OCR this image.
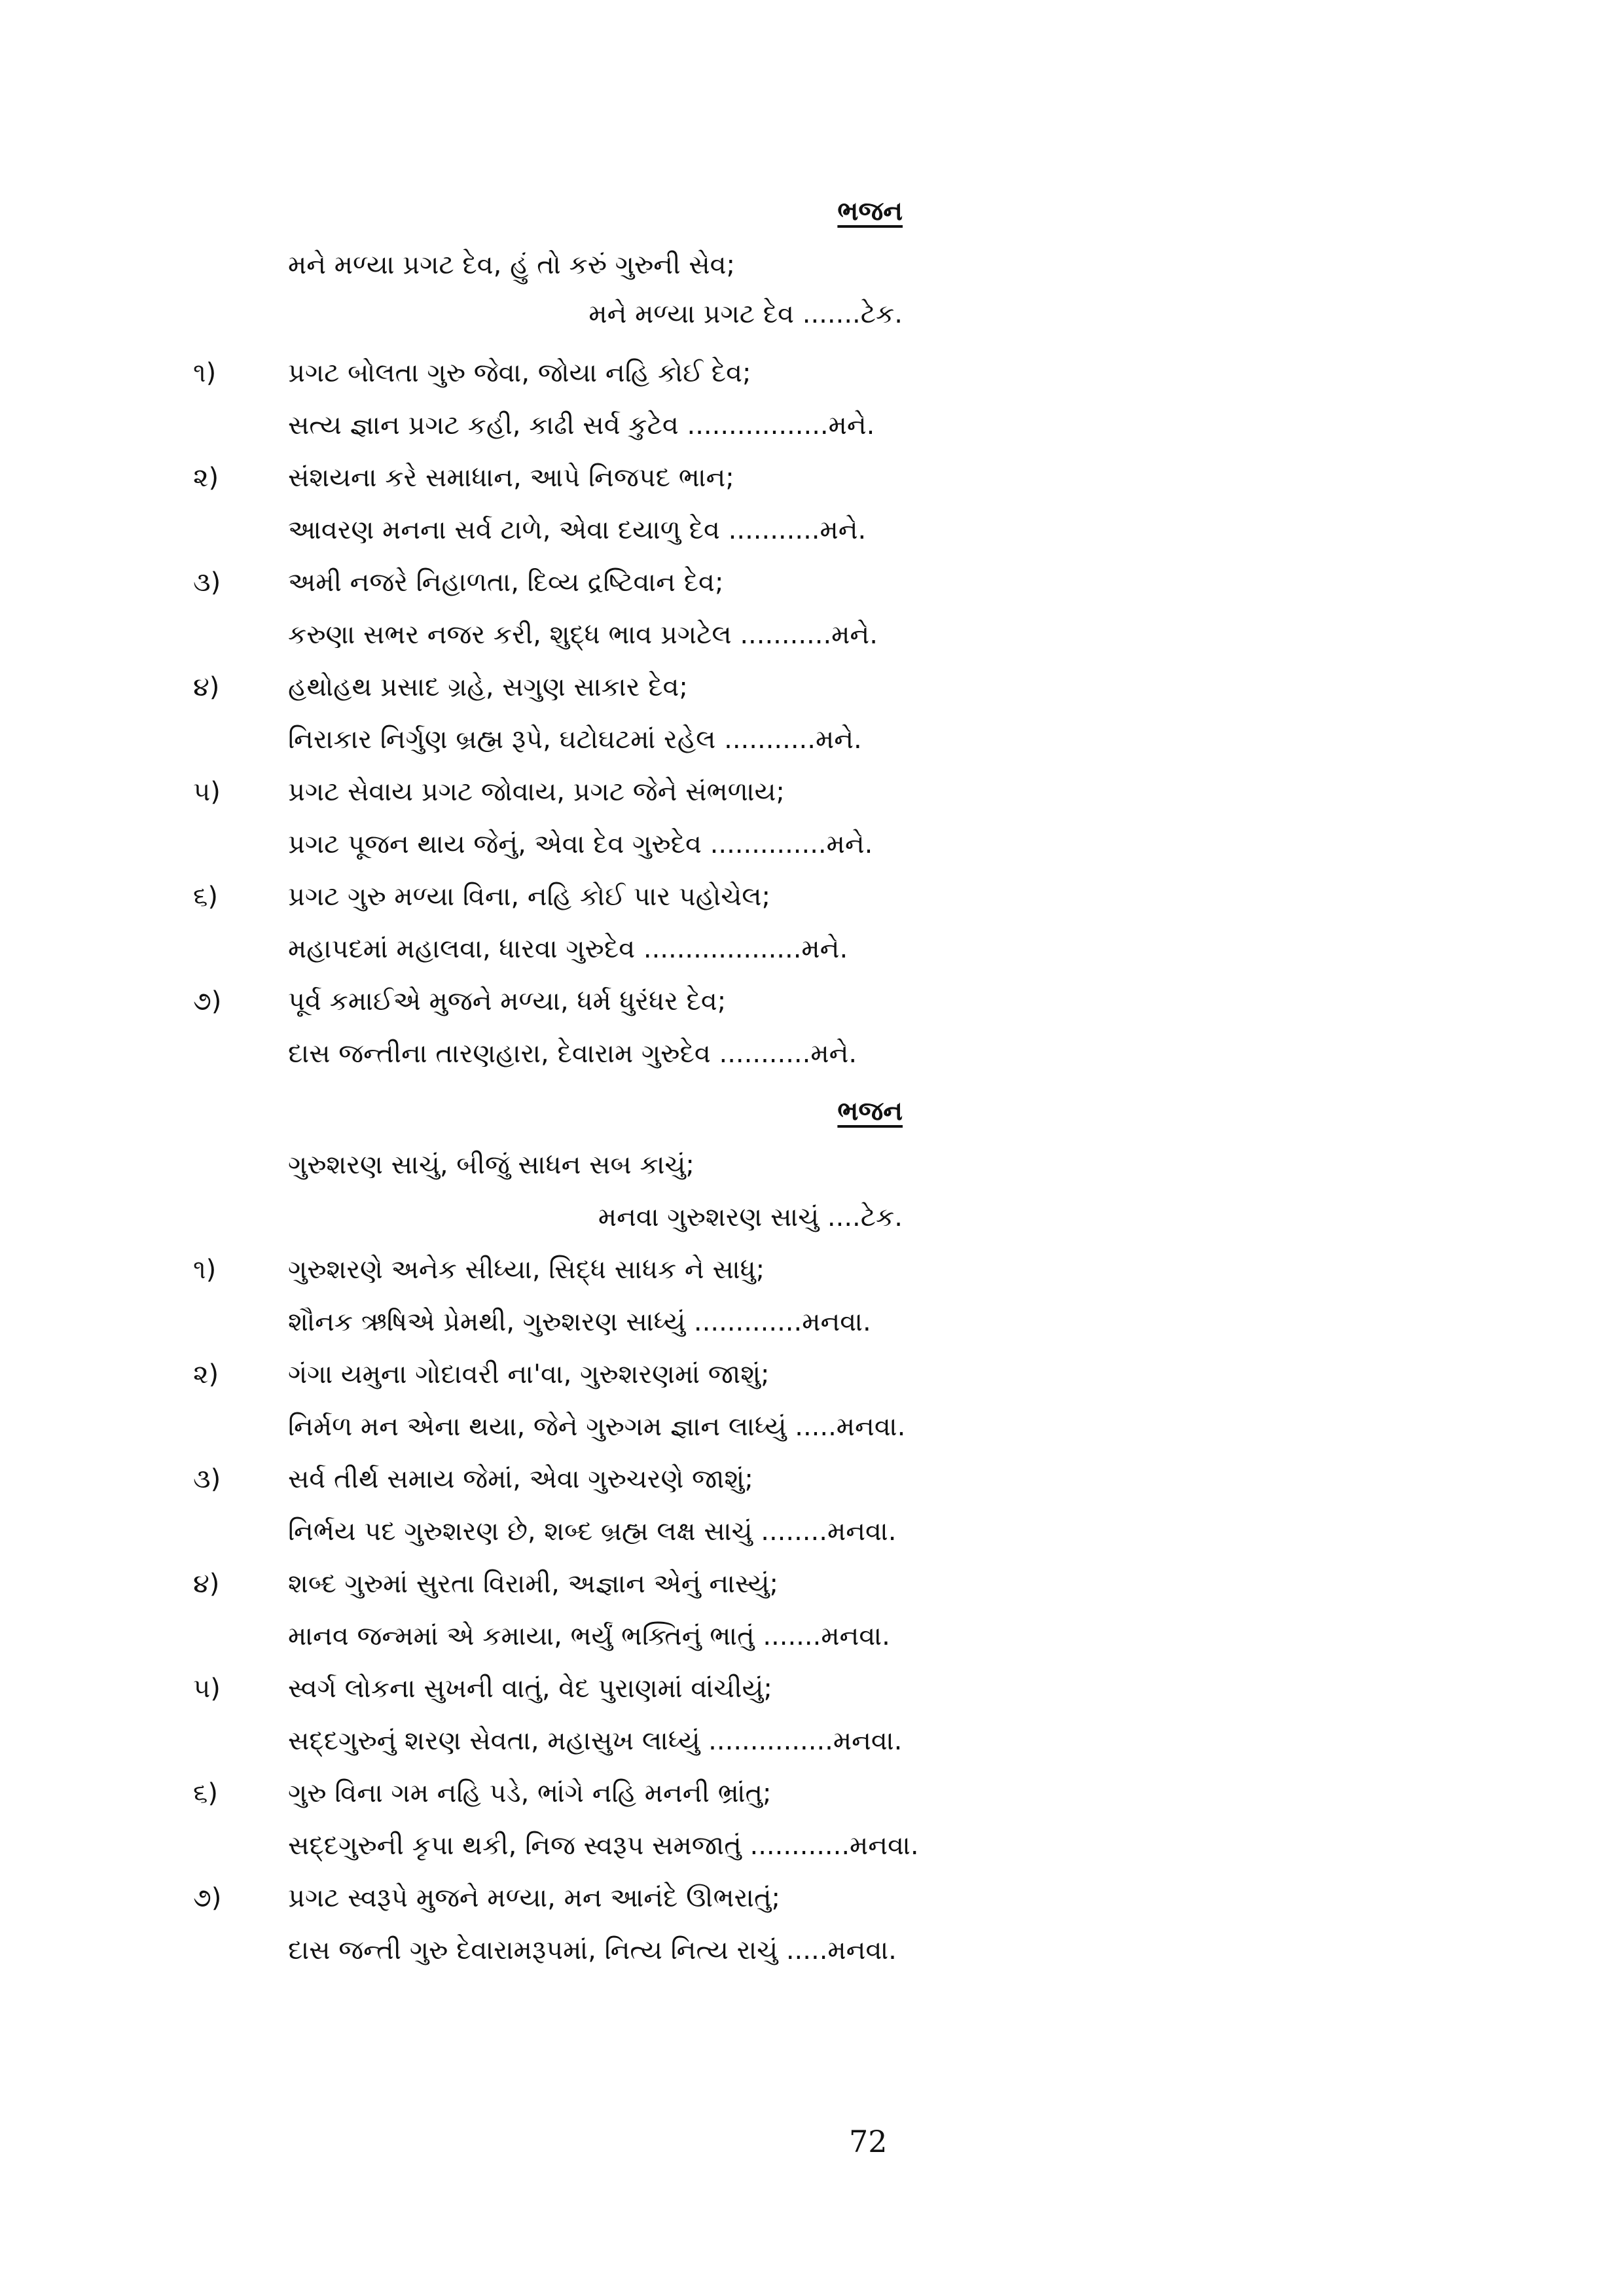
ભજન
મને મળ્યા પ્રગટ દેવ, હું તો કરું ગુરુની સેવ;
મને મળ્યા પ્રગટ દેવ .......ટેક.
૧)	પ્રગટ બોલતા ગુરુ જેવા, જોયા નહિ કોઈ દેવ;
સત્ય જ્ઞાન પ્રગટ કહી, કાઢી સર્વ કુટેવ .................મને.
૨)	સંશયના કરે સમાધાન, આપે નિજપદ ભાન;
આવરણ મનના સર્વ ટાળે, એવા દયાળુ દેવ ...........મને.
૩)	અમી નજરે નિહાળતા, દિવ્ય દ્રષ્ટિવાન દેવ;
કરુણા સભર નજર કરી, શુદ્ધ ભાવ પ્રગટેલ ...........મને.
૪)	હથોહથ પ્રસાદ ગ્રહે, સગુણ સાકાર દેવ;
નિરાકાર નિર્ગુણ બ્રહ્મ રૂપે, ઘટોઘટમાં રહેલ ...........મને.
૫)	પ્રગટ સેવાય પ્રગટ જોવાય, પ્રગટ જેને સંભળાય;
પ્રગટ પૂજન થાય જેનું, એવા દેવ ગુરુદેવ ..............મને.
૬)	પ્રગટ ગુરુ મળ્યા વિના, નહિ કોઈ પાર પહોચેલ;
મહાપદમાં મહાલવા, ધારવા ગુરુદેવ ...................મને.
૭)	પૂર્વ કમાઈએ મુજને મળ્યા, ધર્મ ધુરંધર દેવ;
દાસ જન્તીના તારણહારા, દેવારામ ગુરુદેવ ...........મને.
ભજન
ગુરુશરણ સાચું, બીજું સાધન સબ કાચું;
મનવા ગુરુશરણ સાચું ....ટેક.
૧)	ગુરુશરણે અનેક સીધ્યા, સિદ્ધ સાધક ને સાધુ;
શૌનક ઋષિએ પ્રેમથી, ગુરુશરણ સાધ્યું .............મનવા.
૨)	ગંગા યમુના ગોદાવરી ના'વા, ગુરુશરણમાં જાશું;
નિર્મળ મન એના થયા, જેને ગુરુગમ જ્ઞાન લાધ્યું .....મનવા.
૩)	સર્વ તીર્થ સમાય જેમાં, એવા ગુરુચરણે જાશું;
નિર્ભય પદ ગુરુશરણ છે, શબ્દ બ્રહ્મ લક્ષ સાચું ........મનવા.
૪)	શબ્દ ગુરુમાં સુરતા વિરામી, અજ્ઞાન એનું નાસ્યું;
માનવ જન્મમાં એ કમાયા, ભર્યું ભક્તિનું ભાતું .......મનવા.
૫)	સ્વર્ગ લોકના સુખની વાતું, વેદ પુરાણમાં વાંચીયું;
સદ્દગુરુનું શરણ સેવતા, મહાસુખ લાધ્યું ...............મનવા.
૬)	ગુરુ વિના ગમ નહિ પડે, ભાંગે નહિ મનની ભ્રાંતુ;
સદ્દગુરુની કૃપા થકી, નિજ સ્વરૂપ સમજાતું ............મનવા.
૭)	પ્રગટ સ્વરૂપે મુજને મળ્યા, મન આનંદે ઊભરાતું;
દાસ જન્તી ગુરુ દેવારામરૂપમાં, નિત્ય નિત્ય રાચું .....મનવા.
72
